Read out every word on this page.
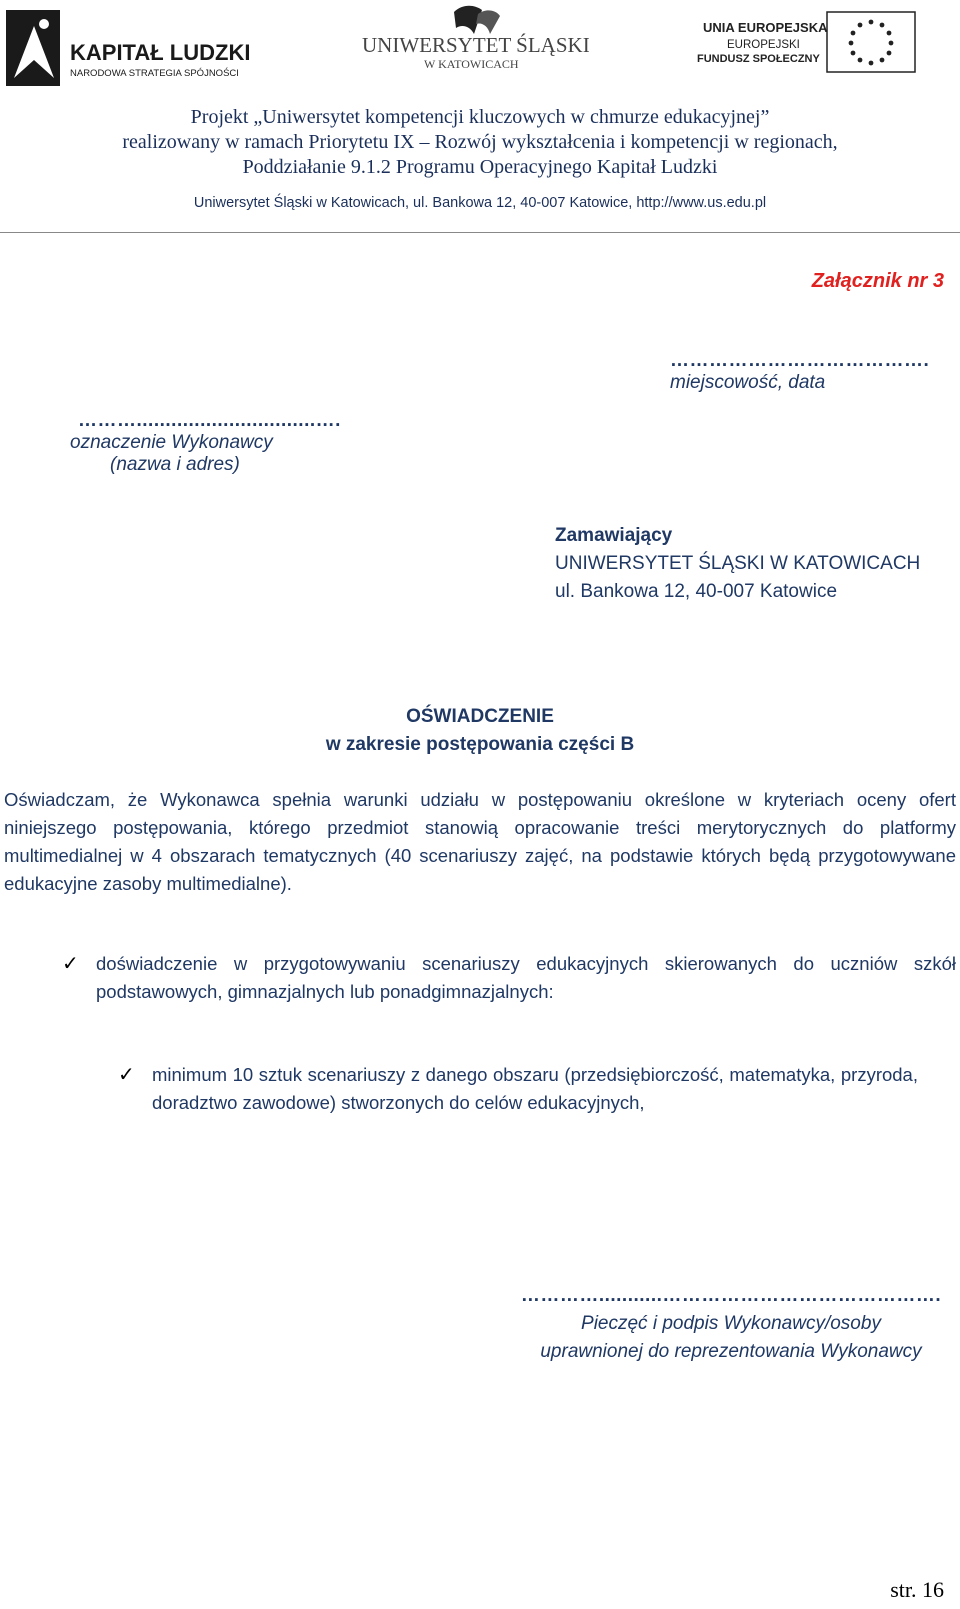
KAPITAŁ LUDZKI
NARODOWA STRATEGIA SPÓJNOŚCI
UNIWERSYTET ŚLĄSKI
W KATOWICACH
UNIA EUROPEJSKA
EUROPEJSKI
FUNDUSZ SPOŁECZNY
Projekt „Uniwersytet kompetencji kluczowych w chmurze edukacyjnej”
realizowany w ramach Priorytetu IX – Rozwój wykształcenia i kompetencji w regionach,
Poddziałanie 9.1.2 Programu Operacyjnego Kapitał Ludzki
Uniwersytet Śląski w Katowicach, ul. Bankowa 12, 40-007 Katowice, http://www.us.edu.pl
Załącznik nr 3
………………………………….
miejscowość, data
………...............................….
oznaczenie Wykonawcy
(nazwa i adres)
Zamawiający
UNIWERSYTET ŚLĄSKI W KATOWICACH
ul. Bankowa 12, 40-007 Katowice
OŚWIADCZENIE
w zakresie postępowania części B
Oświadczam, że Wykonawca spełnia warunki udziału w postępowaniu określone w kryteriach oceny ofert niniejszego postępowania, którego przedmiot stanowią opracowanie treści merytorycznych do platformy multimedialnej w 4 obszarach tematycznych (40 scenariuszy zajęć, na podstawie których będą przygotowywane edukacyjne zasoby multimedialne).
✓ doświadczenie w przygotowywaniu scenariuszy edukacyjnych skierowanych do uczniów szkół podstawowych, gimnazjalnych lub ponadgimnazjalnych:
✓ minimum 10 sztuk scenariuszy z danego obszaru (przedsiębiorczość, matematyka, przyroda, doradztwo zawodowe) stworzonych do celów edukacyjnych,
…………...........…………………………………….
Pieczęć i podpis Wykonawcy/osoby
uprawnionej do reprezentowania Wykonawcy
str. 16
